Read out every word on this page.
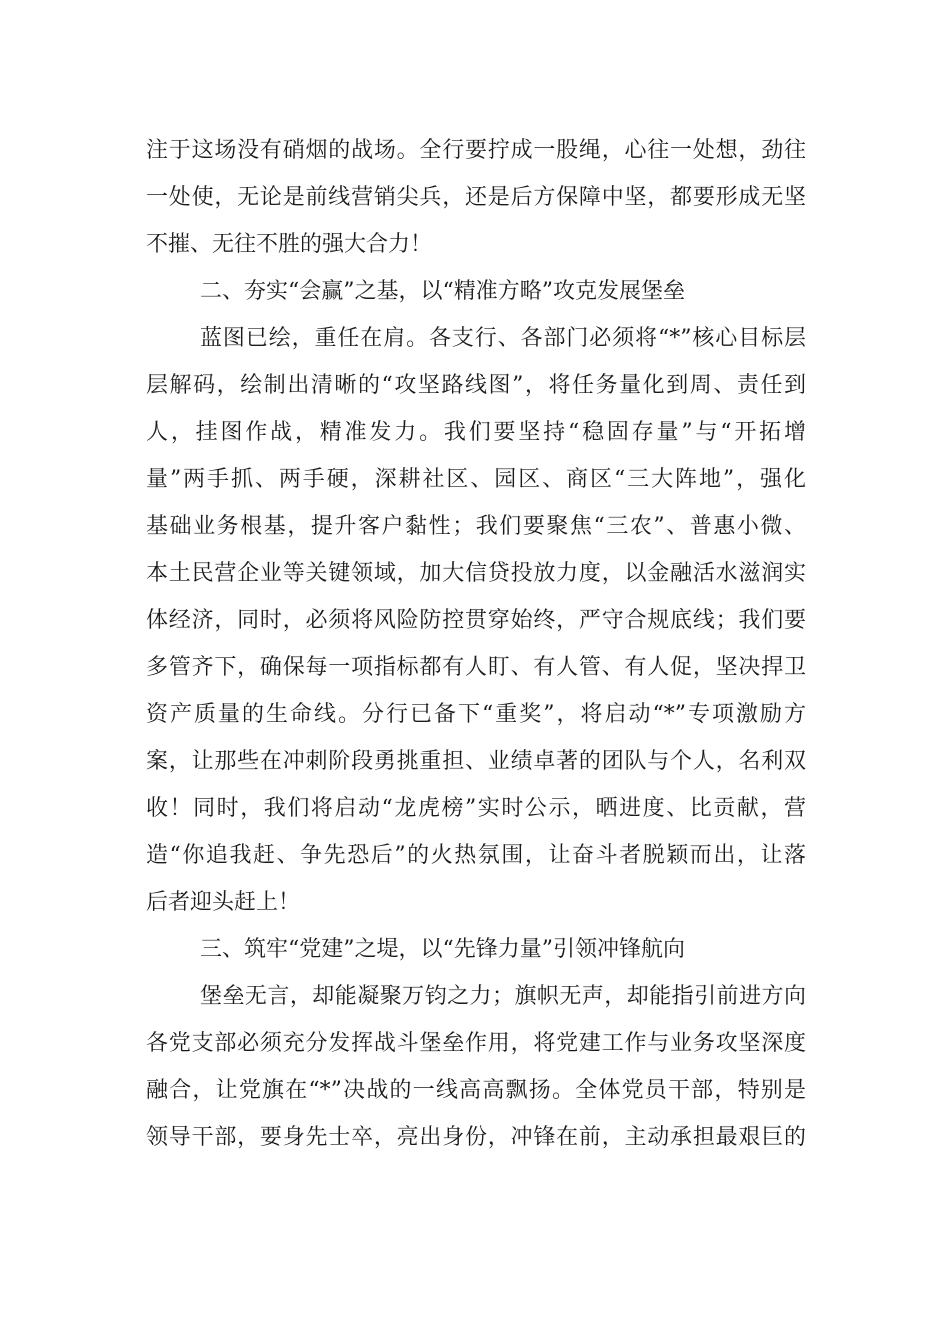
注于这场没有硝烟的战场。全行要拧成一股绳，心往一处想，劲往
一处使，无论是前线营销尖兵，还是后方保障中坚，都要形成无坚
不摧、无往不胜的强大合力！
二、夯实“会赢”之基，以“精准方略”攻克发展堡垒
蓝图已绘，重任在肩。各支行、各部门必须将“*”核心目标层
层解码，绘制出清晰的“攻坚路线图”，将任务量化到周、责任到
人，挂图作战，精准发力。我们要坚持“稳固存量”与“开拓增
量”两手抓、两手硬，深耕社区、园区、商区“三大阵地”，强化
基础业务根基，提升客户黏性；我们要聚焦“三农”、普惠小微、
本土民营企业等关键领域，加大信贷投放力度，以金融活水滋润实
体经济，同时，必须将风险防控贯穿始终，严守合规底线；我们要
多管齐下，确保每一项指标都有人盯、有人管、有人促，坚决捍卫
资产质量的生命线。分行已备下“重奖”，将启动“*”专项激励方
案，让那些在冲刺阶段勇挑重担、业绩卓著的团队与个人，名利双
收！同时，我们将启动“龙虎榜”实时公示，晒进度、比贡献，营
造“你追我赶、争先恐后”的火热氛围，让奋斗者脱颖而出，让落
后者迎头赶上！
三、筑牢“党建”之堤，以“先锋力量”引领冲锋航向
堡垒无言，却能凝聚万钧之力；旗帜无声，却能指引前进方向
各党支部必须充分发挥战斗堡垒作用，将党建工作与业务攻坚深度
融合，让党旗在“*”决战的一线高高飘扬。全体党员干部，特别是
领导干部，要身先士卒，亮出身份，冲锋在前，主动承担最艰巨的
